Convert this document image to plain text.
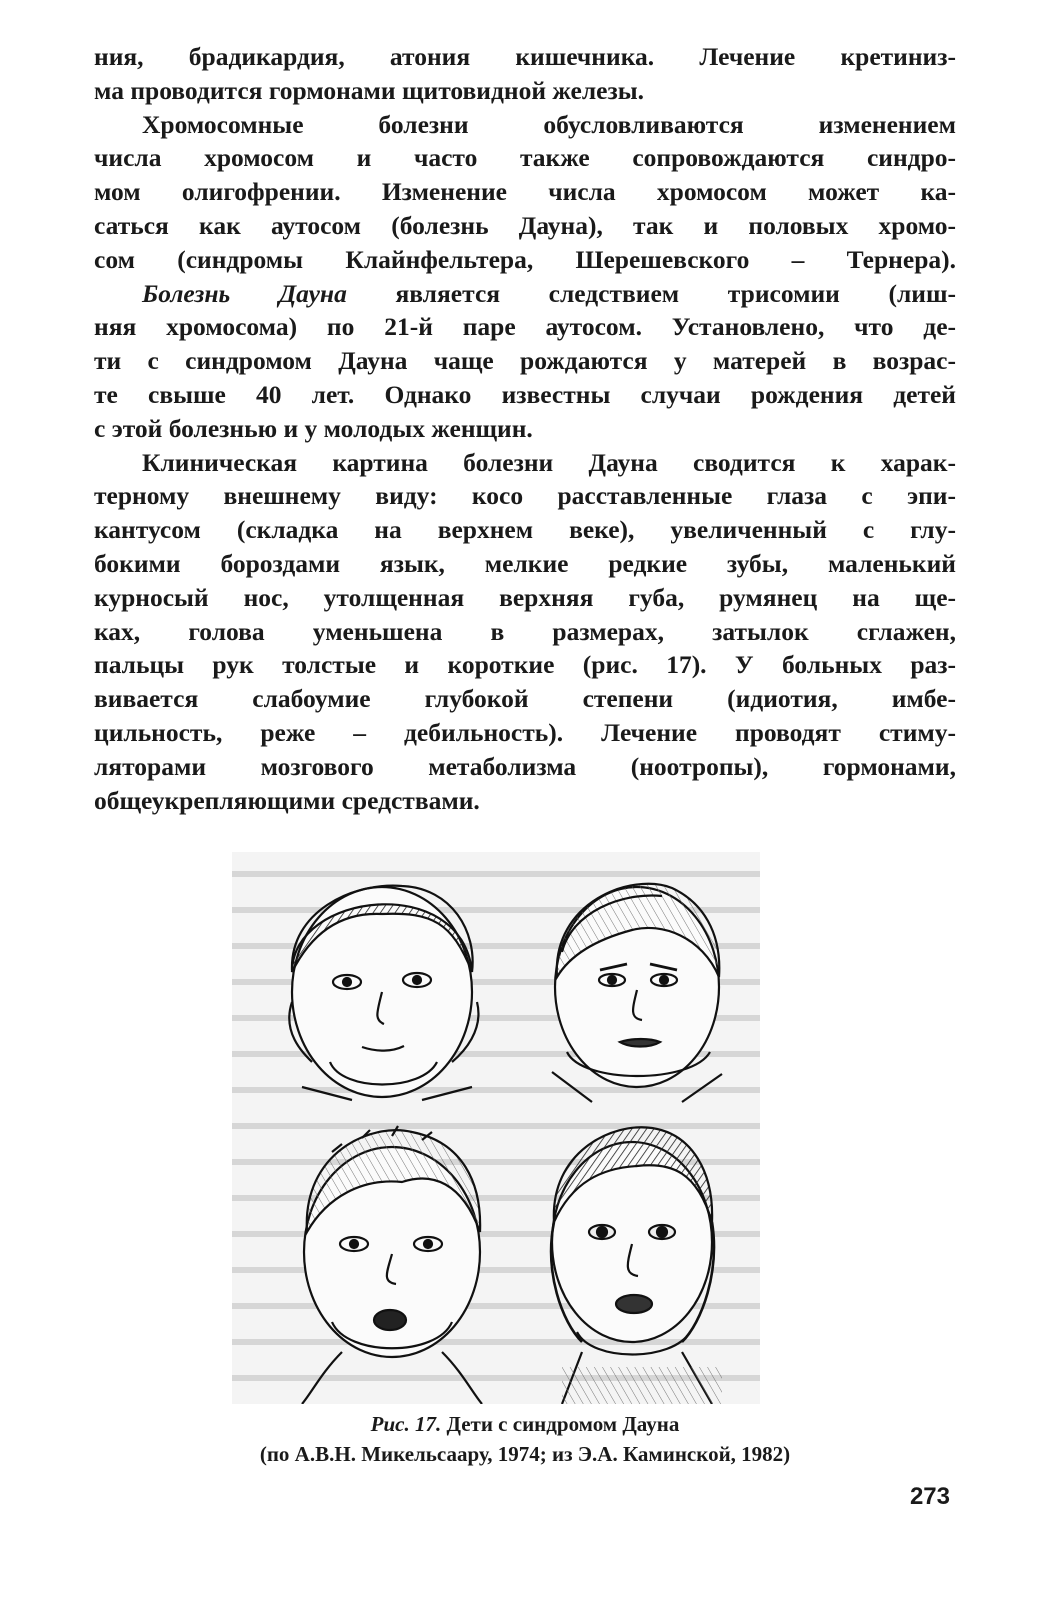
ния, брадикардия, атония кишечника. Лечение кретиниз-
ма проводится гормонами щитовидной железы.
Хромосомные болезни обусловливаются изменением
числа хромосом и часто также сопровождаются синдро-
мом олигофрении. Изменение числа хромосом может ка-
саться как аутосом (болезнь Дауна), так и половых хромо-
сом (синдромы Клайнфельтера, Шерешевского – Тернера).
Болезнь Дауна является следствием трисомии (лиш-
няя хромосома) по 21-й паре аутосом. Установлено, что де-
ти с синдромом Дауна чаще рождаются у матерей в возрас-
те свыше 40 лет. Однако известны случаи рождения детей
с этой болезнью и у молодых женщин.
Клиническая картина болезни Дауна сводится к харак-
терному внешнему виду: косо расставленные глаза с эпи-
кантусом (складка на верхнем веке), увеличенный с глу-
бокими бороздами язык, мелкие редкие зубы, маленький
курносый нос, утолщенная верхняя губа, румянец на ще-
ках, голова уменьшена в размерах, затылок сглажен,
пальцы рук толстые и короткие (рис. 17). У больных раз-
вивается слабоумие глубокой степени (идиотия, имбе-
цильность, реже – дебильность). Лечение проводят стиму-
ляторами мозгового метаболизма (ноотропы), гормонами,
общеукрепляющими средствами.
Рис. 17. Дети с синдромом Дауна
(по А.В.Н. Микельсаару, 1974; из Э.А. Каминской, 1982)
273
